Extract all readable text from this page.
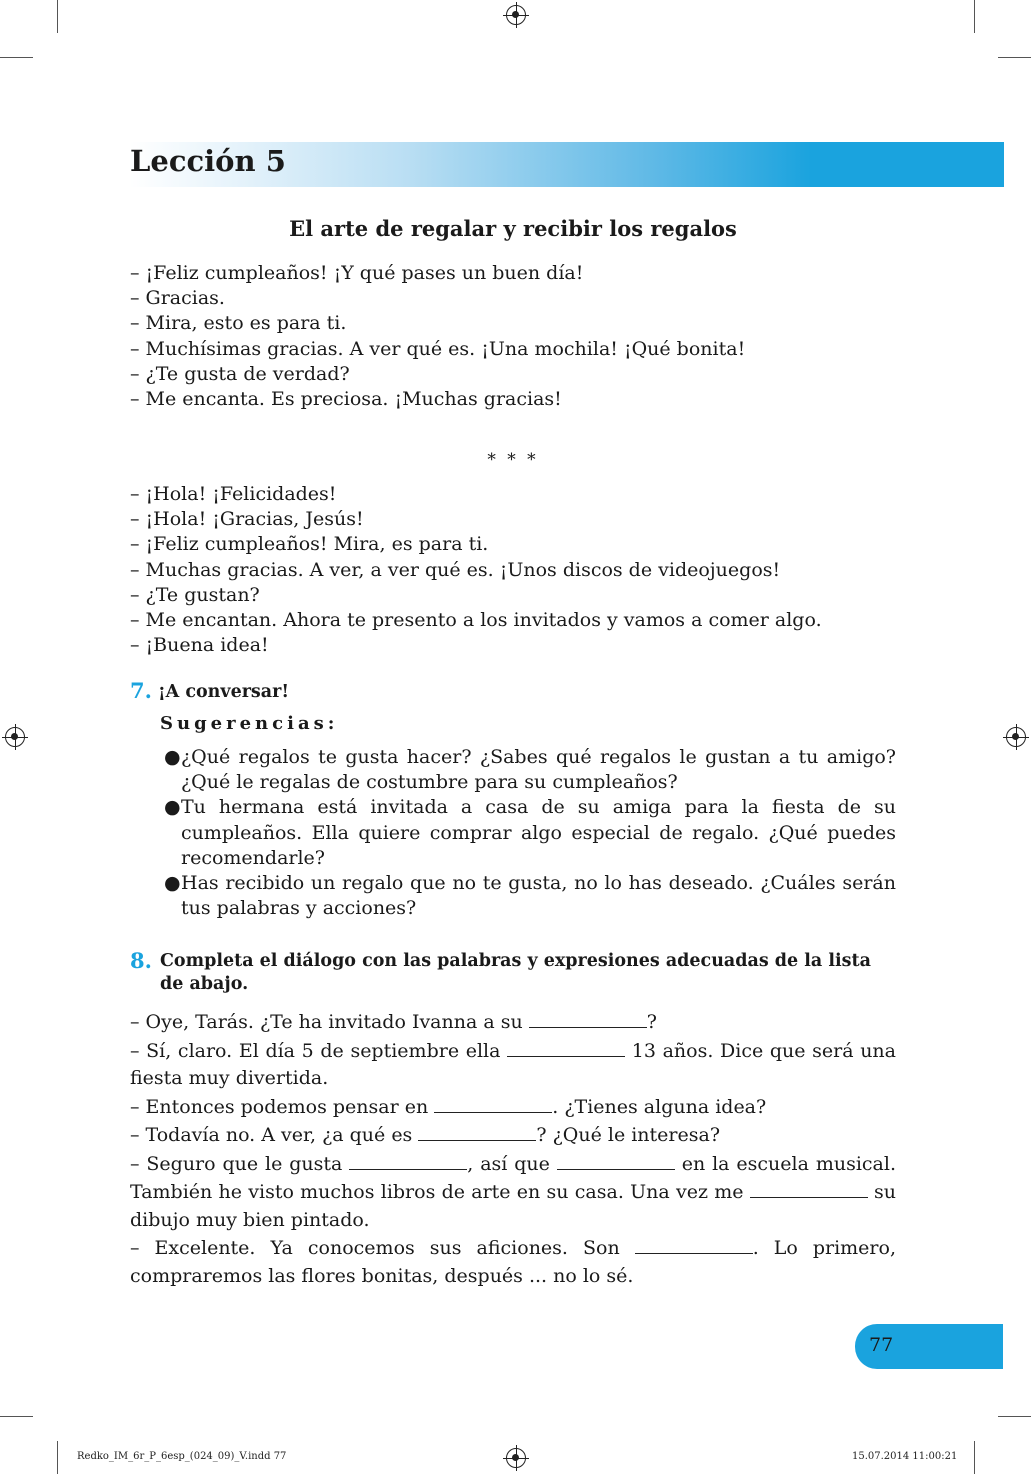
Lección 5
El arte de regalar y recibir los regalos
– ¡Feliz cumpleaños! ¡Y qué pases un buen día!
– Gracias.
– Mira, esto es para ti.
– Muchísimas gracias. A ver qué es. ¡Una mochila! ¡Qué bonita!
– ¿Te gusta de verdad?
– Me encanta. Es preciosa. ¡Muchas gracias!
* * *
– ¡Hola! ¡Felicidades!
– ¡Hola! ¡Gracias, Jesús!
– ¡Feliz cumpleaños! Mira, es para ti.
– Muchas gracias. A ver, a ver qué es. ¡Unos discos de videojuegos!
– ¿Te gustan?
– Me encantan. Ahora te presento a los invitados y vamos a comer algo.
– ¡Buena idea!
7. ¡A conversar!
Sugerencias:
● ¿Qué regalos te gusta hacer? ¿Sabes qué regalos le gustan a tu amigo? ¿Qué le regalas de costumbre para su cumpleaños?
● Tu hermana está invitada a casa de su amiga para la fiesta de su cumpleaños. Ella quiere comprar algo especial de regalo. ¿Qué puedes recomendarle?
● Has recibido un regalo que no te gusta, no lo has deseado. ¿Cuáles serán tus palabras y acciones?
8. Completa el diálogo con las palabras y expresiones adecuadas de la lista de abajo.

– Oye, Tarás. ¿Te ha invitado Ivanna a su	?

– Sí, claro. El día 5 de septiembre ella	13 años. Dice que será una fiesta muy divertida.

– Entonces podemos pensar en	. ¿Tienes alguna idea?

– Todavía no. A ver, ¿a qué es	? ¿Qué le interesa?

– Seguro que le gusta	, así que	en la escuela musical. También he visto muchos libros de arte en su casa. Una vez me	su dibujo muy bien pintado.

– Excelente. Ya conocemos sus aficiones. Son	. Lo primero, compraremos las flores bonitas, después ... no lo sé.

77
Redko_IM_6r_P_6esp_(024_09)_V.indd 77	15.07.2014 11:00:21
